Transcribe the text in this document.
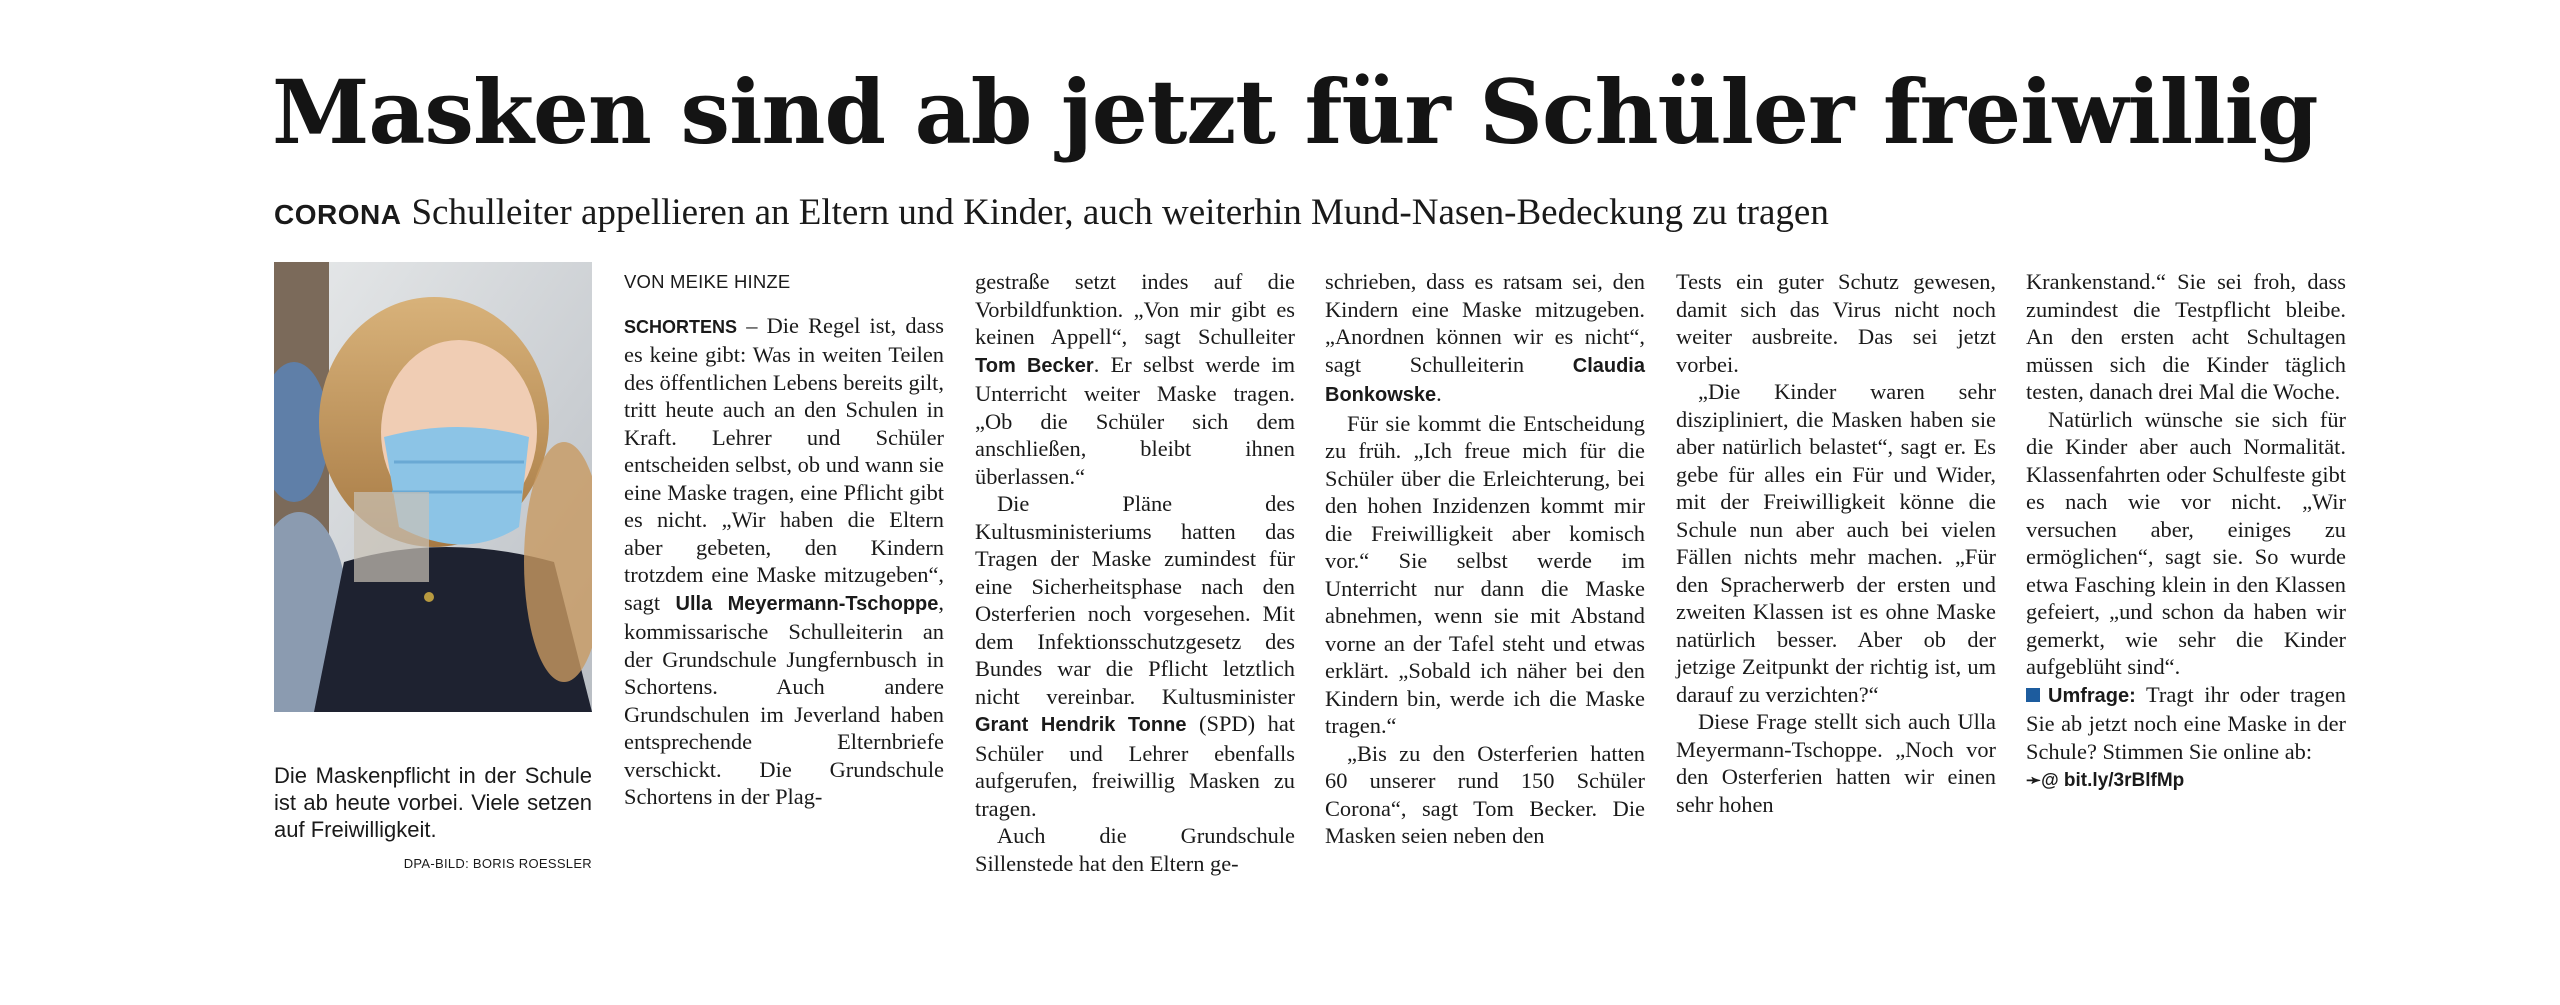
Masken sind ab jetzt für Schüler freiwillig
CORONA Schulleiter appellieren an Eltern und Kinder, auch weiterhin Mund-Nasen-Bedeckung zu tragen
Die Maskenpflicht in der Schule ist ab heute vorbei. Viele setzen auf Freiwilligkeit.
DPA-BILD: BORIS ROESSLER
VON MEIKE HINZE

SCHORTENS – Die Regel ist, dass es keine gibt: Was in weiten Teilen des öffentlichen Lebens bereits gilt, tritt heute auch an den Schulen in Kraft. Lehrer und Schüler entscheiden selbst, ob und wann sie eine Maske tragen, eine Pflicht gibt es nicht. „Wir haben die Eltern aber gebeten, den Kindern trotzdem eine Maske mitzugeben“, sagt Ulla Meyermann-Tschoppe, kommissarische Schulleiterin an der Grundschule Jungfernbusch in Schortens. Auch andere Grundschulen im Jeverland haben entsprechende Elternbriefe verschickt. Die Grundschule Schortens in der Plag-

gestraße setzt indes auf die Vorbildfunktion. „Von mir gibt es keinen Appell“, sagt Schulleiter Tom Becker. Er selbst werde im Unterricht weiter Maske tragen. „Ob die Schüler sich dem anschließen, bleibt ihnen überlassen.“

Die Pläne des Kultusministeriums hatten das Tragen der Maske zumindest für eine Sicherheitsphase nach den Osterferien noch vorgesehen. Mit dem Infektionsschutzgesetz des Bundes war die Pflicht letztlich nicht vereinbar. Kultusminister Grant Hendrik Tonne (SPD) hat Schüler und Lehrer ebenfalls aufgerufen, freiwillig Masken zu tragen.

Auch die Grundschule Sillenstede hat den Eltern ge-

schrieben, dass es ratsam sei, den Kindern eine Maske mitzugeben. „Anordnen können wir es nicht“, sagt Schulleiterin Claudia Bonkowske.

Für sie kommt die Entscheidung zu früh. „Ich freue mich für die Schüler über die Erleichterung, bei den hohen Inzidenzen kommt mir die Freiwilligkeit aber komisch vor.“ Sie selbst werde im Unterricht nur dann die Maske abnehmen, wenn sie mit Abstand vorne an der Tafel steht und etwas erklärt. „Sobald ich näher bei den Kindern bin, werde ich die Maske tragen.“

„Bis zu den Osterferien hatten 60 unserer rund 150 Schüler Corona“, sagt Tom Becker. Die Masken seien neben den

Tests ein guter Schutz gewesen, damit sich das Virus nicht noch weiter ausbreite. Das sei jetzt vorbei.

„Die Kinder waren sehr diszipliniert, die Masken haben sie aber natürlich belastet“, sagt er. Es gebe für alles ein Für und Wider, mit der Freiwilligkeit könne die Schule nun aber auch bei vielen Fällen nichts mehr machen. „Für den Spracherwerb der ersten und zweiten Klassen ist es ohne Maske natürlich besser. Aber ob der jetzige Zeitpunkt der richtig ist, um darauf zu verzichten?“

Diese Frage stellt sich auch Ulla Meyermann-Tschoppe. „Noch vor den Osterferien hatten wir einen sehr hohen

Krankenstand.“ Sie sei froh, dass zumindest die Testpflicht bleibe. An den ersten acht Schultagen müssen sich die Kinder täglich testen, danach drei Mal die Woche.

Natürlich wünsche sie sich für die Kinder aber auch Normalität. Klassenfahrten oder Schulfeste gibt es nach wie vor nicht. „Wir versuchen aber, einiges zu ermöglichen“, sagt sie. So wurde etwa Fasching klein in den Klassen gefeiert, „und schon da haben wir gemerkt, wie sehr die Kinder aufgeblüht sind“.

Umfrage: Tragt ihr oder tragen Sie ab jetzt noch eine Maske in der Schule? Stimmen Sie online ab:

➛@ bit.ly/3rBlfMp
